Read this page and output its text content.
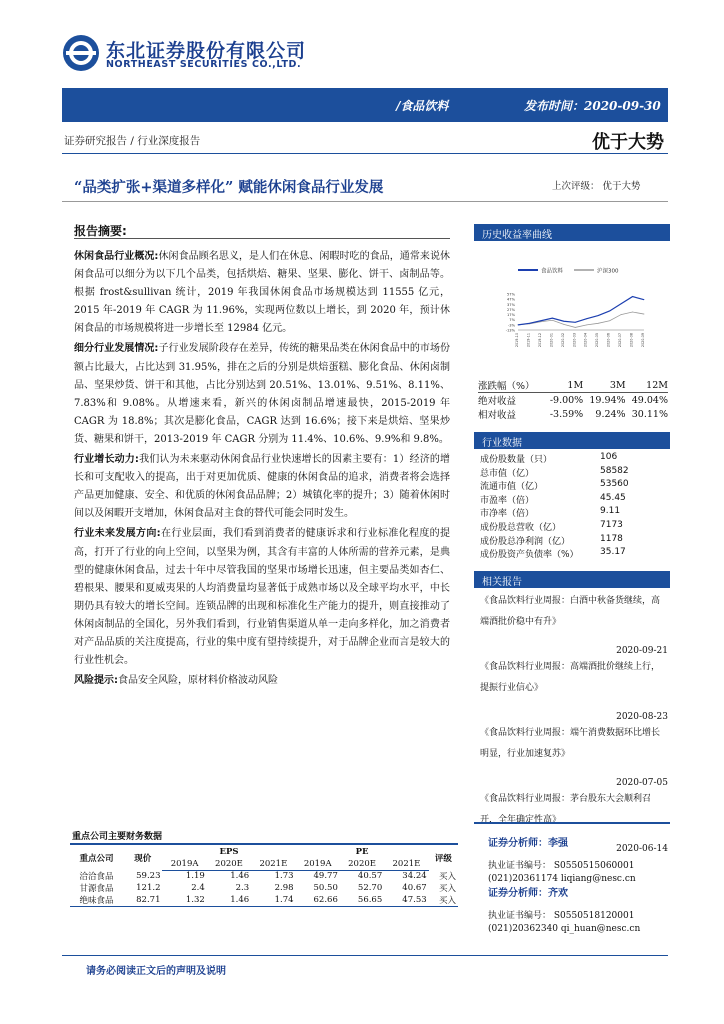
东北证券股份有限公司
NORTHEAST SECURITIES CO.,LTD.
/食品饮料	发布时间：2020-09-30
证券研究报告 / 行业深度报告	优于大势
“品类扩张+渠道多样化” 赋能休闲食品行业发展	上次评级： 优于大势
报告摘要:

休闲食品行业概况:休闲食品顾名思义，是人们在休息、闲暇时吃的食品，通常来说休闲食品可以细分为以下几个品类，包括烘焙、糖果、坚果、膨化、饼干、卤制品等。根据 frost&sullivan 统计，2019 年我国休闲食品市场规模达到 11555 亿元，2015 年-2019 年 CAGR 为 11.96%，实现两位数以上增长，到 2020 年，预计休闲食品的市场规模将进一步增长至 12984 亿元。

细分行业发展情况:子行业发展阶段存在差异，传统的糖果品类在休闲食品中的市场份额占比最大，占比达到 31.95%，排在之后的分别是烘焙蛋糕、膨化食品、休闲卤制品、坚果炒货、饼干和其他，占比分别达到 20.51%、13.01%、9.51%、8.11%、7.83%和 9.08%。从增速来看，新兴的休闲卤制品增速最快，2015-2019 年 CAGR 为 18.8%；其次是膨化食品，CAGR 达到 16.6%；接下来是烘焙、坚果炒货、糖果和饼干，2013-2019 年 CAGR 分别为 11.4%、10.6%、9.9%和 9.8%。

行业增长动力:我们认为未来驱动休闲食品行业快速增长的因素主要有：1）经济的增长和可支配收入的提高，出于对更加优质、健康的休闲食品的追求，消费者将会选择产品更加健康、安全、和优质的休闲食品品牌；2）城镇化率的提升；3）随着休闲时间以及闲暇开支增加，休闲食品对主食的替代可能会同时发生。

行业未来发展方向:在行业层面，我们看到消费者的健康诉求和行业标准化程度的提高，打开了行业的向上空间，以坚果为例，其含有丰富的人体所需的营养元素，是典型的健康休闲食品，过去十年中尽管我国的坚果市场增长迅速，但主要品类如杏仁、碧根果、腰果和夏威夷果的人均消费量均显著低于成熟市场以及全球平均水平，中长期仍具有较大的增长空间。连锁品牌的出现和标准化生产能力的提升，则直接推动了休闲卤制品的全国化，另外我们看到，行业销售渠道从单一走向多样化，加之消费者对产品品质的关注度提高，行业的集中度有望持续提升，对于品牌企业而言是较大的行业性机会。

风险提示:食品安全风险，原材料价格波动风险

重点公司主要财务数据
重点公司	现价	EPS			PE			评级
		2019A	2020E	2021E	2019A	2020E	2021E	
洽洽食品	59.23	1.19	1.46	1.73	49.77	40.57	34.24	买入
甘源食品	121.2	2.4	2.3	2.98	50.50	52.70	40.67	买入
绝味食品	82.71	1.32	1.46	1.74	62.66	56.65	47.53	买入
请务必阅读正文后的声明及说明
历史收益率曲线
食品饮料	沪深300
57%
47%
37%
27%
17%
7%
-3%
-13%
2019-10 2019-11 2019-12 2020-01 2020-02 2020-03 2020-04 2020-05 2020-06 2020-07 2020-08 2020-09
涨跌幅（%）	1M	3M	12M
绝对收益	-9.00%	19.94%	49.04%
相对收益	-3.59%	9.24%	30.11%
行业数据
成份股数量（只）	106
总市值（亿）	58582
流通市值（亿）	53560
市盈率（倍）	45.45
市净率（倍）	9.11
成份股总营收（亿）	7173
成份股总净利润（亿）	1178
成份股资产负债率（%） 35.17
相关报告
《食品饮料行业周报：白酒中秋备货继续，高端酒批价稳中有升》
2020-09-21
《食品饮料行业周报：高端酒批价继续上行，提振行业信心》
2020-08-23
《食品饮料行业周报：端午消费数据环比增长明显，行业加速复苏》
2020-07-05
《食品饮料行业周报：茅台股东大会顺利召开，全年确定性高》
2020-06-14
证券分析师：李强
执业证书编号： S0550515060001
(021)20361174 liqiang@nesc.cn
证券分析师：齐欢
执业证书编号： S0550518120001
(021)20362340 qi_huan@nesc.cn
